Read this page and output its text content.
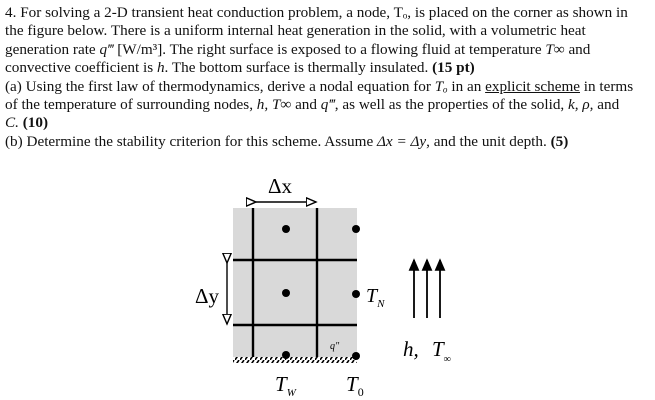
4. For solving a 2-D transient heat conduction problem, a node, Tₒ, is placed on the corner as shown in
the figure below. There is a uniform internal heat generation in the solid, with a volumetric heat
generation rate q‴ [W/m³]. The right surface is exposed to a flowing fluid at temperature T∞ and
convective coefficient is h. The bottom surface is thermally insulated. (15 pt)
(a) Using the first law of thermodynamics, derive a nodal equation for Tₒ in an explicit scheme in terms
of the temperature of surrounding nodes, h, T∞ and q‴, as well as the properties of the solid, k, ρ, and
C. (10)
(b) Determine the stability criterion for this scheme. Assume Δx = Δy, and the unit depth. (5)
Δx
Δy	$T_N$
q"	h, $T_\infty$
$T_W$ $T_0$
